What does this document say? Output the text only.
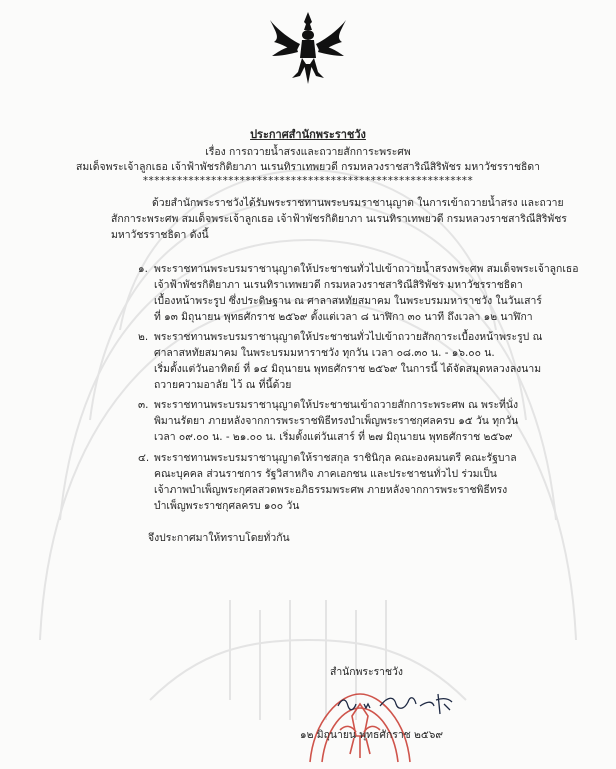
ประกาศสำนักพระราชวัง
เรื่อง การถวายน้ำสรงและถวายสักการะพระศพ
สมเด็จพระเจ้าลูกเธอ เจ้าฟ้าพัชรกิติยาภา นเรนทิราเทพยวดี กรมหลวงราชสาริณีสิริพัชร มหาวัชรราชธิดา
**********************************************************
ด้วยสำนักพระราชวังได้รับพระราชทานพระบรมราชานุญาต ในการเข้าถวายน้ำสรง และถวาย
สักการะพระศพ สมเด็จพระเจ้าลูกเธอ เจ้าฟ้าพัชรกิติยาภา นเรนทิราเทพยวดี กรมหลวงราชสาริณีสิริพัชร
มหาวัชรราชธิดา ดังนี้
๑. พระราชทานพระบรมราชานุญาตให้ประชาชนทั่วไปเข้าถวายน้ำสรงพระศพ สมเด็จพระเจ้าลูกเธอ
เจ้าฟ้าพัชรกิติยาภา นเรนทิราเทพยวดี กรมหลวงราชสาริณีสิริพัชร มหาวัชรราชธิดา
เบื้องหน้าพระรูป ซึ่งประดิษฐาน ณ ศาลาสหทัยสมาคม ในพระบรมมหาราชวัง ในวันเสาร์
ที่ ๑๓ มิถุนายน พุทธศักราช ๒๕๖๙ ตั้งแต่เวลา ๘ นาฬิกา ๓๐ นาที ถึงเวลา ๑๒ นาฬิกา
๒. พระราชทานพระบรมราชานุญาตให้ประชาชนทั่วไปเข้าถวายสักการะเบื้องหน้าพระรูป ณ
ศาลาสหทัยสมาคม ในพระบรมมหาราชวัง ทุกวัน เวลา ๐๘.๓๐ น. - ๑๖.๐๐ น.
เริ่มตั้งแต่วันอาทิตย์ ที่ ๑๔ มิถุนายน พุทธศักราช ๒๕๖๙ ในการนี้ ได้จัดสมุดหลวงลงนาม
ถวายความอาลัย ไว้ ณ ที่นี้ด้วย
๓. พระราชทานพระบรมราชานุญาตให้ประชาชนเข้าถวายสักการะพระศพ ณ พระที่นั่ง
พิมานรัตยา ภายหลังจากการพระราชพิธีทรงบำเพ็ญพระราชกุศลครบ ๑๕ วัน ทุกวัน
เวลา ๐๙.๐๐ น. - ๒๑.๐๐ น. เริ่มตั้งแต่วันเสาร์ ที่ ๒๗ มิถุนายน พุทธศักราช ๒๕๖๙
๔. พระราชทานพระบรมราชานุญาตให้ราชสกุล ราชินิกุล คณะองคมนตรี คณะรัฐบาล
คณะบุคคล ส่วนราชการ รัฐวิสาหกิจ ภาคเอกชน และประชาชนทั่วไป ร่วมเป็น
เจ้าภาพบำเพ็ญพระกุศลสวดพระอภิธรรมพระศพ ภายหลังจากการพระราชพิธีทรง
บำเพ็ญพระราชกุศลครบ ๑๐๐ วัน
จึงประกาศมาให้ทราบโดยทั่วกัน
สำนักพระราชวัง
๑๒ มิถุนายน พุทธศักราช ๒๕๖๙
